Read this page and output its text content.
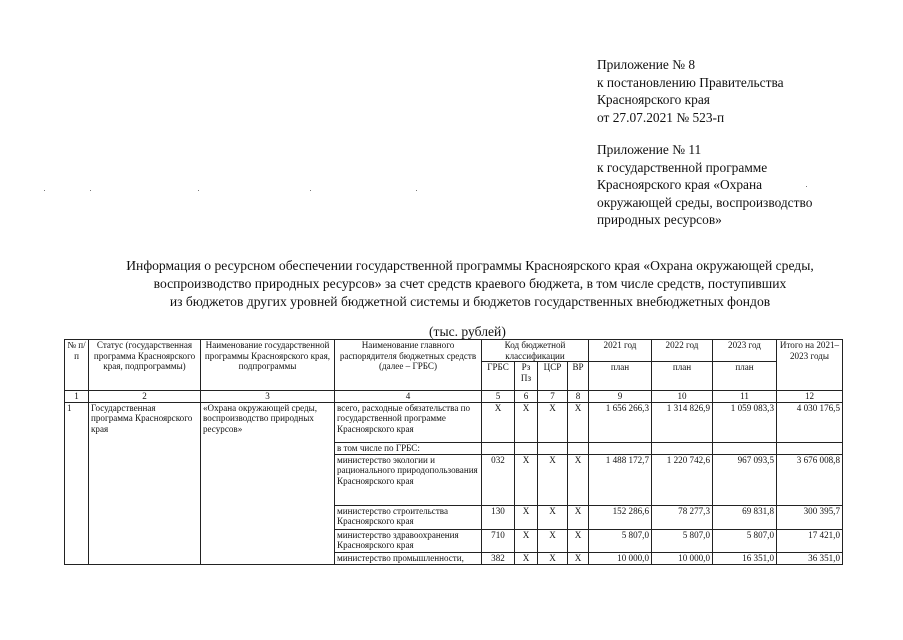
Приложение № 8
к постановлению Правительства
Красноярского края
от 27.07.2021 № 523-п
Приложение № 11
к государственной программе
Красноярского края «Охрана
окружающей среды, воспроизводство
природных ресурсов»
Информация о ресурсном обеспечении государственной программы Красноярского края «Охрана окружающей среды,
воспроизводство природных ресурсов» за счет средств краевого бюджета, в том числе средств, поступивших
из бюджетов других уровней бюджетной системы и бюджетов государственных внебюджетных фондов
(тыс. рублей)
№ п/п	Статус (государственная программа Красноярского края, подпрограммы)	Наименование государственной программы Красноярского края, подпрограммы	Наименование главного распорядителя бюджетных средств (далее – ГРБС)	Код бюджетной классификации				2021 год	2022 год	2023 год	Итого на 2021–2023 годы
				ГРБС	Рз Пз	ЦСР	ВР	план	план	план	
1	2	3	4	5	6	7	8	9	10	11	12
1	Государственная программа Красноярского края	«Охрана окружающей среды, воспроизводство природных ресурсов»	всего, расходные обязательства по государственной программе Красноярского края	X	X	X	X	1 656 266,3	1 314 826,9	1 059 083,3	4 030 176,5
			в том числе по ГРБС:								
			министерство экологии и рационального природопользования Красноярского края	032	X	X	X	1 488 172,7	1 220 742,6	967 093,5	3 676 008,8
			министерство строительства Красноярского края	130	X	X	X	152 286,6	78 277,3	69 831,8	300 395,7
			министерство здравоохранения Красноярского края	710	X	X	X	5 807,0	5 807,0	5 807,0	17 421,0
			министерство промышленности,	382	X	X	X	10 000,0	10 000,0	16 351,0	36 351,0
